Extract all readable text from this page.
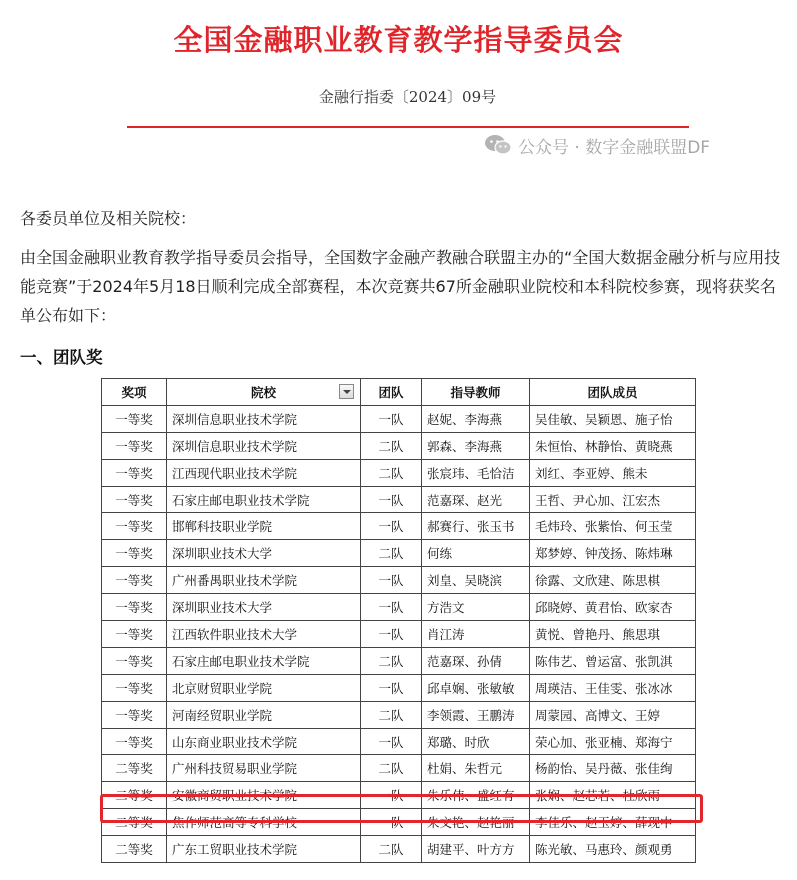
全国金融职业教育教学指导委员会
金融行指委〔2024〕09号
公众号 · 数字金融联盟DF
各委员单位及相关院校：
由全国金融职业教育教学指导委员会指导，全国数字金融产教融合联盟主办的“全国大数据金融分析与应用技能竞赛”于2024年5月18日顺利完成全部赛程，本次竞赛共67所金融职业院校和本科院校参赛，现将获奖名单公布如下：
一、团队奖
奖项	院校	团队	指导教师	团队成员
一等奖	深圳信息职业技术学院	一队	赵妮、李海燕	吴佳敏、吴颖恩、施子怡
一等奖	深圳信息职业技术学院	二队	郭森、李海燕	朱恒怡、林静怡、黄晓燕
一等奖	江西现代职业技术学院	二队	张宸玮、毛恰洁	刘红、李亚婷、熊未
一等奖	石家庄邮电职业技术学院	一队	范嘉琛、赵光	王哲、尹心加、江宏杰
一等奖	邯郸科技职业学院	一队	郝赛行、张玉书	毛炜玲、张紫怡、何玉莹
一等奖	深圳职业技术大学	二队	何练	郑梦婷、钟茂扬、陈炜琳
一等奖	广州番禺职业技术学院	一队	刘皇、吴晓滨	徐露、文欣建、陈思棋
一等奖	深圳职业技术大学	一队	方浩文	邱晓婷、黄君怡、欧家杏
一等奖	江西软件职业技术大学	一队	肖江涛	黄悦、曾艳丹、熊思琪
一等奖	石家庄邮电职业技术学院	二队	范嘉琛、孙倩	陈伟艺、曾运富、张凯淇
一等奖	北京财贸职业学院	一队	邱卓娴、张敏敏	周瑛洁、王佳雯、张冰冰
一等奖	河南经贸职业学院	二队	李领霞、王鹏涛	周蒙园、高博文、王婷
一等奖	山东商业职业技术学院	一队	郑璐、时欣	荣心加、张亚楠、郑海宁
二等奖	广州科技贸易职业学院	二队	杜娟、朱哲元	杨韵怡、吴丹薇、张佳绚
二等奖	安徽商贸职业技术学院	一队	朱乐伟、盛红有	张娴、赵芯若、杜欣雨
二等奖	焦作师范高等专科学校	一队	朱文艳、赵艳丽	李佳乐、赵玉婷、薛现中
二等奖	广东工贸职业技术学院	二队	胡建平、叶方方	陈光敏、马惠玲、颜观勇
